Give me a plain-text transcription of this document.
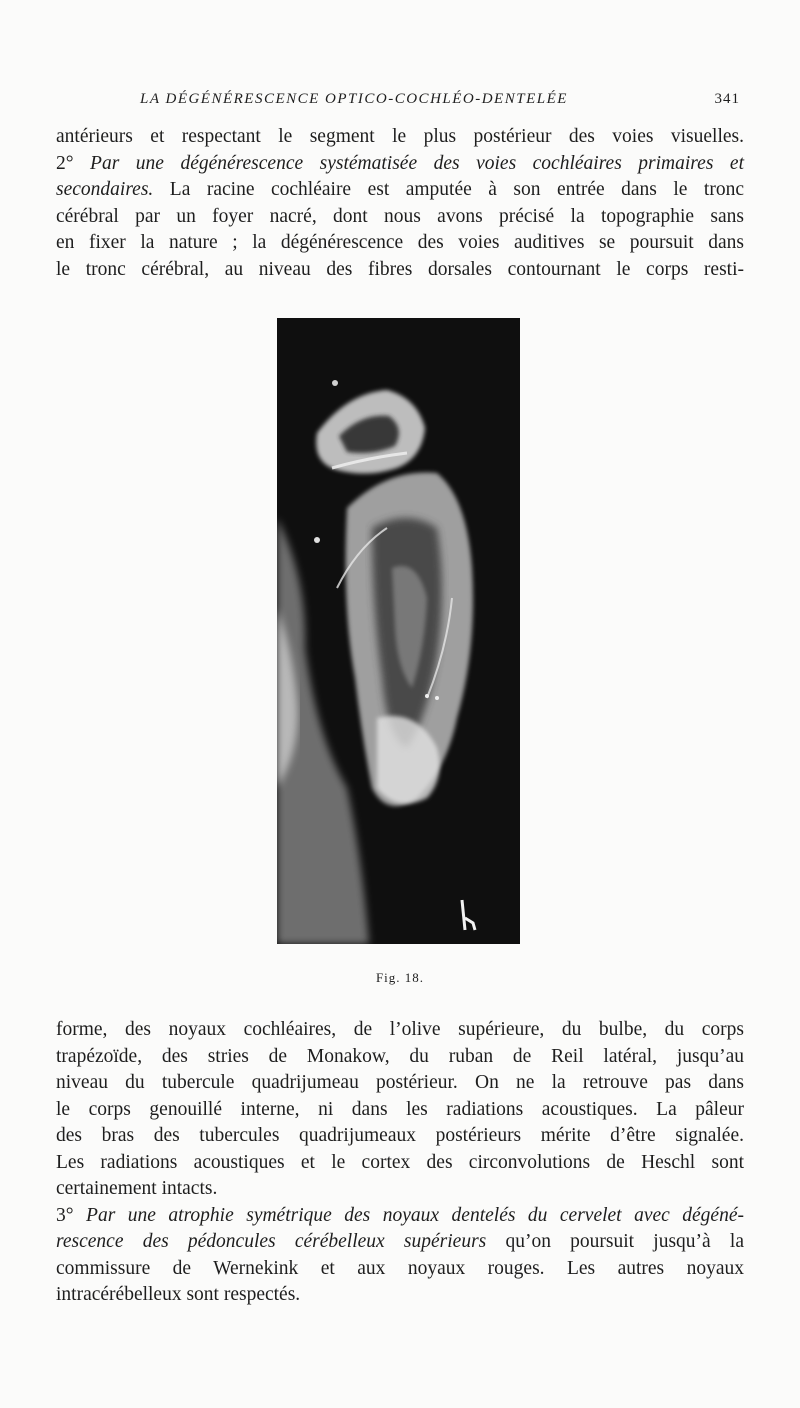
LA DÉGÉNÉRESCENCE OPTICO-COCHLÉO-DENTELÉE	341

antérieurs et respectant le segment le plus postérieur des voies visuelles.
2° Par une dégénérescence systématisée des voies cochléaires primaires et
secondaires. La racine cochléaire est amputée à son entrée dans le tronc
cérébral par un foyer nacré, dont nous avons précisé la topographie sans
en fixer la nature ; la dégénérescence des voies auditives se poursuit dans
le tronc cérébral, au niveau des fibres dorsales contournant le corps resti-

Fig. 18.

forme, des noyaux cochléaires, de l’olive supérieure, du bulbe, du corps
trapézoïde, des stries de Monakow, du ruban de Reil latéral, jusqu’au
niveau du tubercule quadrijumeau postérieur. On ne la retrouve pas dans
le corps genouillé interne, ni dans les radiations acoustiques. La pâleur
des bras des tubercules quadrijumeaux postérieurs mérite d’être signalée.
Les radiations acoustiques et le cortex des circonvolutions de Heschl sont
certainement intacts.
3° Par une atrophie symétrique des noyaux dentelés du cervelet avec dégéné-
rescence des pédoncules cérébelleux supérieurs qu’on poursuit jusqu’à la
commissure de Wernekink et aux noyaux rouges. Les autres noyaux
intracérébelleux sont respectés.
